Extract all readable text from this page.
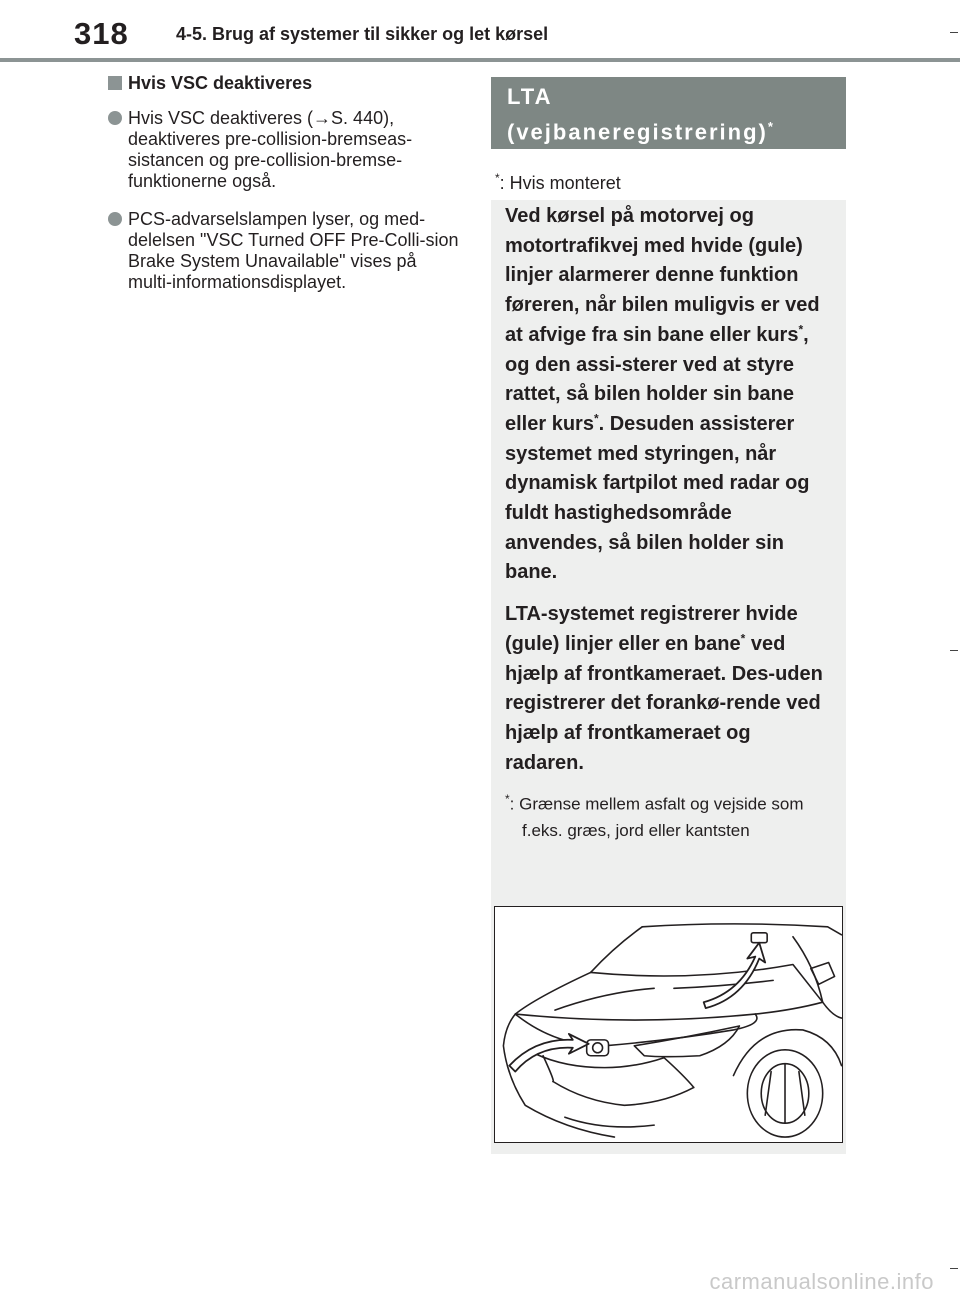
318	4-5. Brug af systemer til sikker og let kørsel
Hvis VSC deaktiveres
Hvis VSC deaktiveres (→S. 440), deaktiveres pre-collision-bremseas-sistancen og pre-collision-bremse-funktionerne også.
PCS-advarselslampen lyser, og med-delelsen "VSC Turned OFF Pre-Colli-sion Brake System Unavailable" vises på multi-informationsdisplayet.
LTA
(vejbaneregistrering)*
*: Hvis monteret

Ved kørsel på motorvej og motortrafikvej med hvide (gule) linjer alarmerer denne funktion føreren, når bilen muligvis er ved at afvige fra sin bane eller kurs*, og den assi-sterer ved at styre rattet, så bilen holder sin bane eller kurs*. Desuden assisterer systemet med styringen, når dynamisk fartpilot med radar og fuldt hastighedsområde anvendes, så bilen holder sin bane.

LTA-systemet registrerer hvide (gule) linjer eller en bane* ved hjælp af frontkameraet. Des-uden registrerer det forankø-rende ved hjælp af frontkameraet og radaren.

*: Grænse mellem asfalt og vejside som f.eks. græs, jord eller kantsten
carmanualsonline.info
